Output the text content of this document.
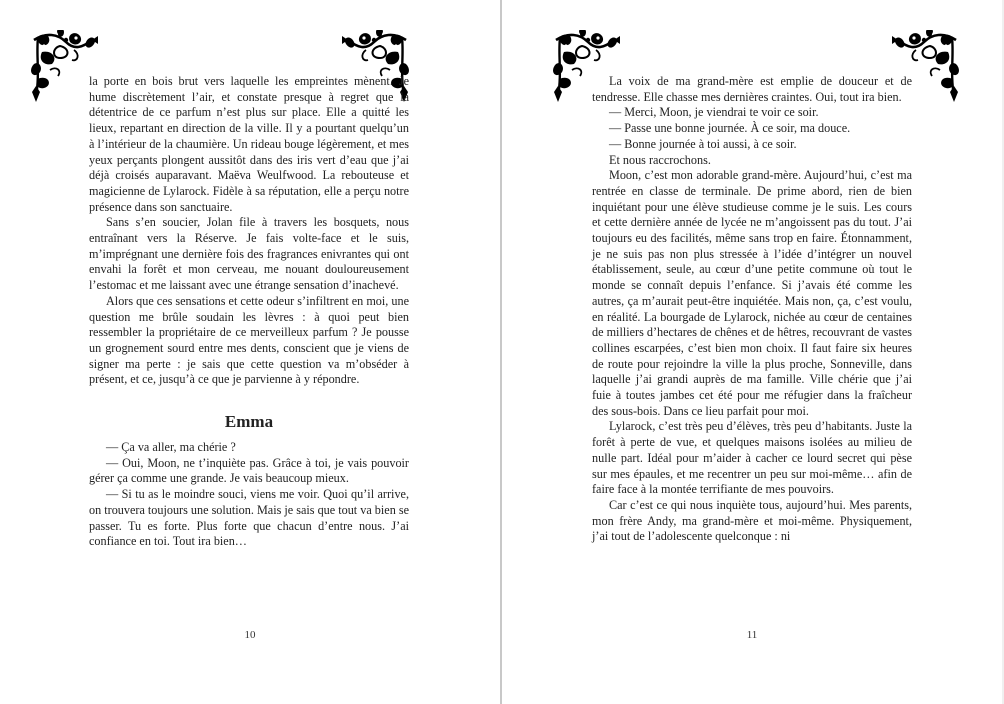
la porte en bois brut vers laquelle les empreintes mènent. Je hume discrètement l’air, et constate presque à regret que la détentrice de ce parfum n’est plus sur place. Elle a quitté les lieux, repartant en direction de la ville. Il y a pourtant quelqu’un à l’intérieur de la chaumière. Un rideau bouge légèrement, et mes yeux perçants plongent aussitôt dans des iris vert d’eau que j’ai déjà croisés auparavant. Maëva Weulfwood. La rebouteuse et magicienne de Lylarock. Fidèle à sa réputation, elle a perçu notre présence dans son sanctuaire.

Sans s’en soucier, Jolan file à travers les bosquets, nous entraînant vers la Réserve. Je fais volte-face et le suis, m’imprégnant une dernière fois des fragrances enivrantes qui ont envahi la forêt et mon cerveau, me nouant douloureusement l’estomac et me laissant avec une étrange sensation d’inachevé.

Alors que ces sensations et cette odeur s’infiltrent en moi, une question me brûle soudain les lèvres : à quoi peut bien ressembler la propriétaire de ce merveilleux parfum ? Je pousse un grognement sourd entre mes dents, conscient que je viens de signer ma perte : je sais que cette question va m’obséder à présent, et ce, jusqu’à ce que je parvienne à y répondre.

Emma

— Ça va aller, ma chérie ?

— Oui, Moon, ne t’inquiète pas. Grâce à toi, je vais pouvoir gérer ça comme une grande. Je vais beaucoup mieux.

— Si tu as le moindre souci, viens me voir. Quoi qu’il arrive, on trouvera toujours une solution. Mais je sais que tout va bien se passer. Tu es forte. Plus forte que chacun d’entre nous. J’ai confiance en toi. Tout ira bien…

10

La voix de ma grand-mère est emplie de douceur et de tendresse. Elle chasse mes dernières craintes. Oui, tout ira bien.

— Merci, Moon, je viendrai te voir ce soir.

— Passe une bonne journée. À ce soir, ma douce.

— Bonne journée à toi aussi, à ce soir.

Et nous raccrochons.

Moon, c’est mon adorable grand-mère. Aujourd’hui, c’est ma rentrée en classe de terminale. De prime abord, rien de bien inquiétant pour une élève studieuse comme je le suis. Les cours et cette dernière année de lycée ne m’angoissent pas du tout. J’ai toujours eu des facilités, même sans trop en faire. Étonnamment, je ne suis pas non plus stressée à l’idée d’intégrer un nouvel établissement, seule, au cœur d’une petite commune où tout le monde se connaît depuis l’enfance. Si j’avais été comme les autres, ça m’aurait peut-être inquiétée. Mais non, ça, c’est voulu, en réalité. La bourgade de Lylarock, nichée au cœur de centaines de milliers d’hectares de chênes et de hêtres, recouvrant de vastes collines escarpées, c’est bien mon choix. Il faut faire six heures de route pour rejoindre la ville la plus proche, Sonneville, dans laquelle j’ai grandi auprès de ma famille. Ville chérie que j’ai fuie à toutes jambes cet été pour me réfugier dans la fraîcheur des sous-bois. Dans ce lieu parfait pour moi.

Lylarock, c’est très peu d’élèves, très peu d’habitants. Juste la forêt à perte de vue, et quelques maisons isolées au milieu de nulle part. Idéal pour m’aider à cacher ce lourd secret qui pèse sur mes épaules, et me recentrer un peu sur moi-même… afin de faire face à la montée terrifiante de mes pouvoirs.

Car c’est ce qui nous inquiète tous, aujourd’hui. Mes parents, mon frère Andy, ma grand-mère et moi-même. Physiquement, j’ai tout de l’adolescente quelconque : ni

11
